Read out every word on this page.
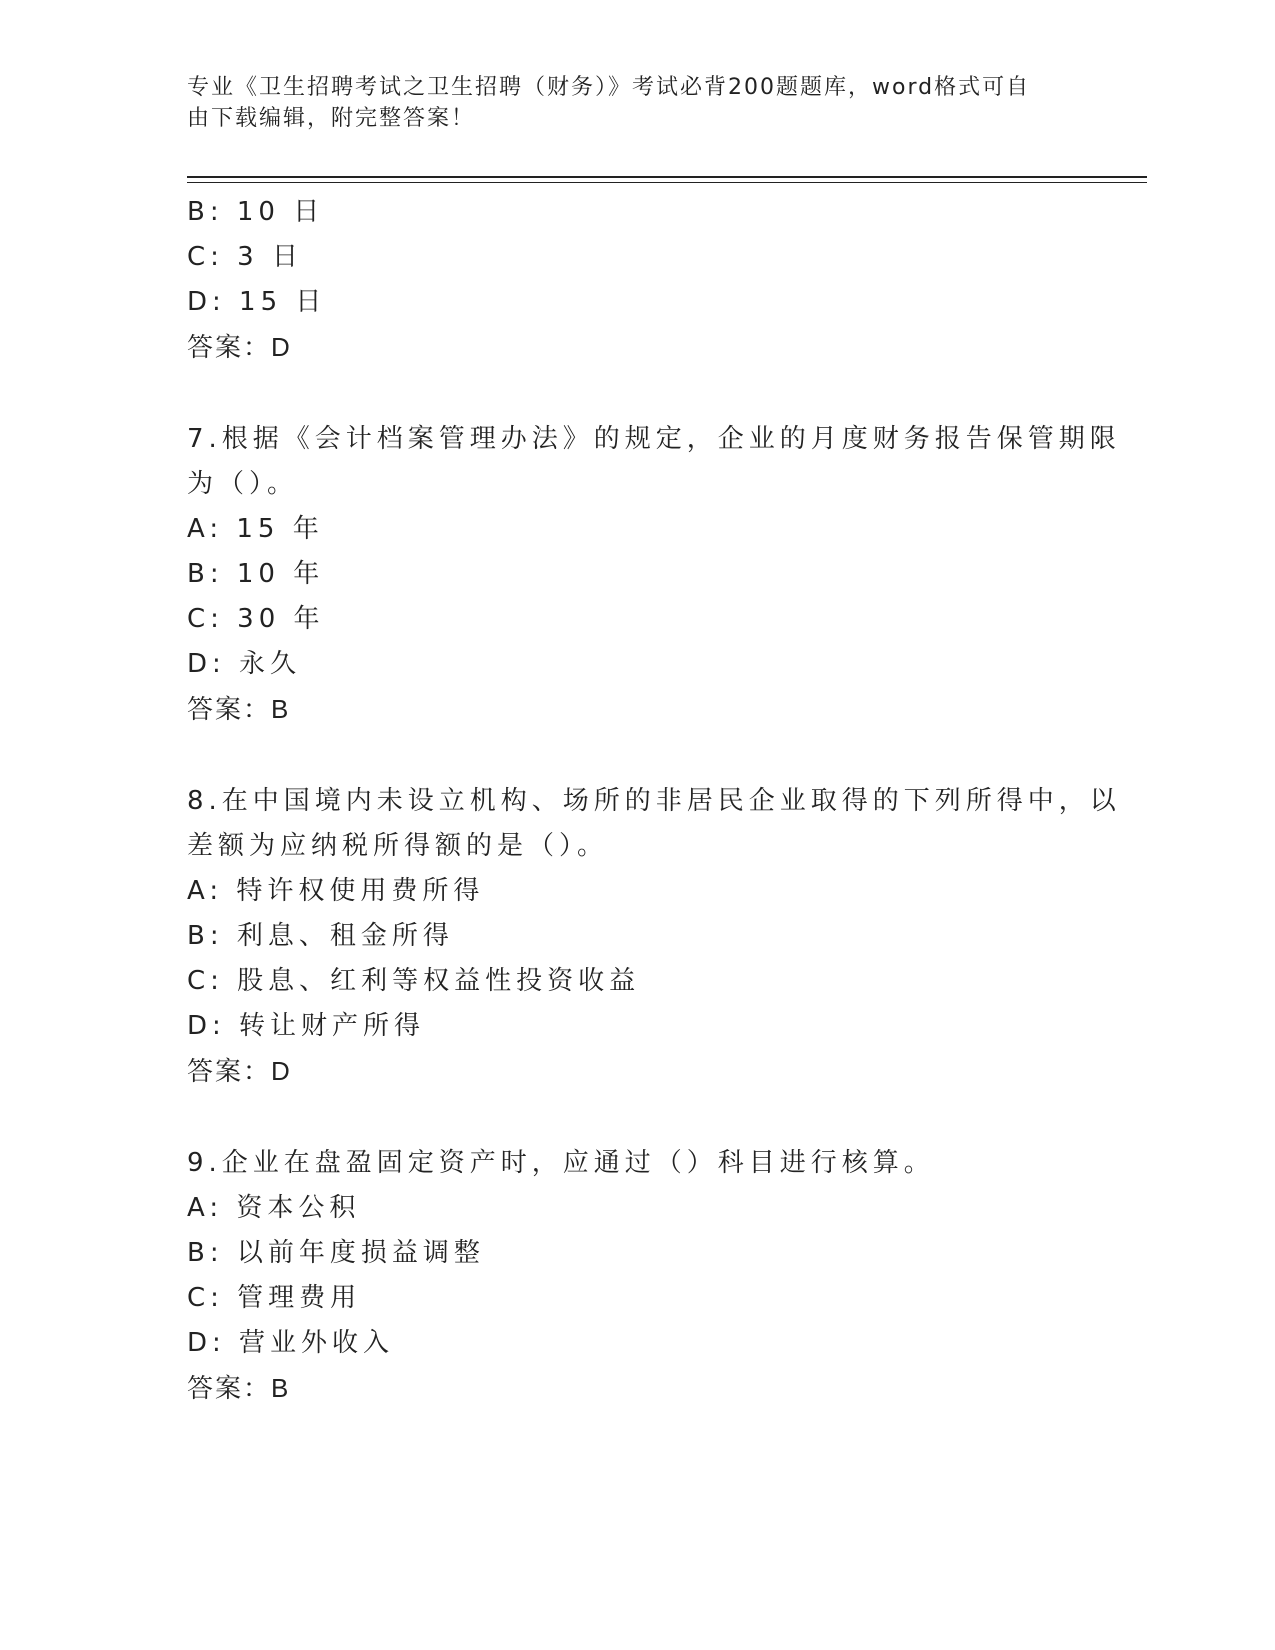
专业《卫生招聘考试之卫生招聘（财务）》考试必背200题题库，word格式可自
由下载编辑，附完整答案！
B: 10 日
C: 3 日
D: 15 日
答案：D
7.根据《会计档案管理办法》的规定，企业的月度财务报告保管期限
为（）。
A: 15 年
B: 10 年
C: 30 年
D: 永久
答案：B
8.在中国境内未设立机构、场所的非居民企业取得的下列所得中，以
差额为应纳税所得额的是（）。
A: 特许权使用费所得
B: 利息、租金所得
C: 股息、红利等权益性投资收益
D: 转让财产所得
答案：D
9.企业在盘盈固定资产时，应通过（）科目进行核算。
A: 资本公积
B: 以前年度损益调整
C: 管理费用
D: 营业外收入
答案：B
